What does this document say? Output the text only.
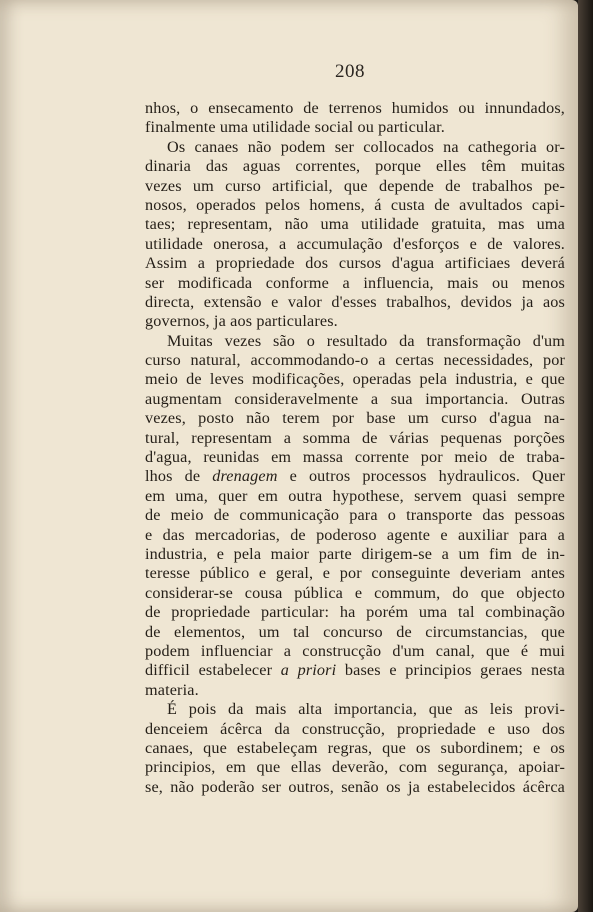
208
nhos, o ensecamento de terrenos humidos ou innundados,
finalmente uma utilidade social ou particular.
Os canaes não podem ser collocados na cathegoria or-
dinaria das aguas correntes, porque elles têm muitas
vezes um curso artificial, que depende de trabalhos pe-
nosos, operados pelos homens, á custa de avultados capi-
taes; representam, não uma utilidade gratuita, mas uma
utilidade onerosa, a accumulação d'esforços e de valores.
Assim a propriedade dos cursos d'agua artificiaes deverá
ser modificada conforme a influencia, mais ou menos
directa, extensão e valor d'esses trabalhos, devidos ja aos
governos, ja aos particulares.
Muitas vezes são o resultado da transformação d'um
curso natural, accommodando-o a certas necessidades, por
meio de leves modificações, operadas pela industria, e que
augmentam consideravelmente a sua importancia. Outras
vezes, posto não terem por base um curso d'agua na-
tural, representam a somma de várias pequenas porções
d'agua, reunidas em massa corrente por meio de traba-
lhos de drenagem e outros processos hydraulicos. Quer
em uma, quer em outra hypothese, servem quasi sempre
de meio de communicação para o transporte das pessoas
e das mercadorias, de poderoso agente e auxiliar para a
industria, e pela maior parte dirigem-se a um fim de in-
teresse público e geral, e por conseguinte deveriam antes
considerar-se cousa pública e commum, do que objecto
de propriedade particular: ha porém uma tal combinação
de elementos, um tal concurso de circumstancias, que
podem influenciar a construcção d'um canal, que é mui
difficil estabelecer a priori bases e principios geraes nesta
materia.
É pois da mais alta importancia, que as leis provi-
denceiem ácêrca da construcção, propriedade e uso dos
canaes, que estabeleçam regras, que os subordinem; e os
principios, em que ellas deverão, com segurança, apoiar-
se, não poderão ser outros, senão os ja estabelecidos ácêrca
